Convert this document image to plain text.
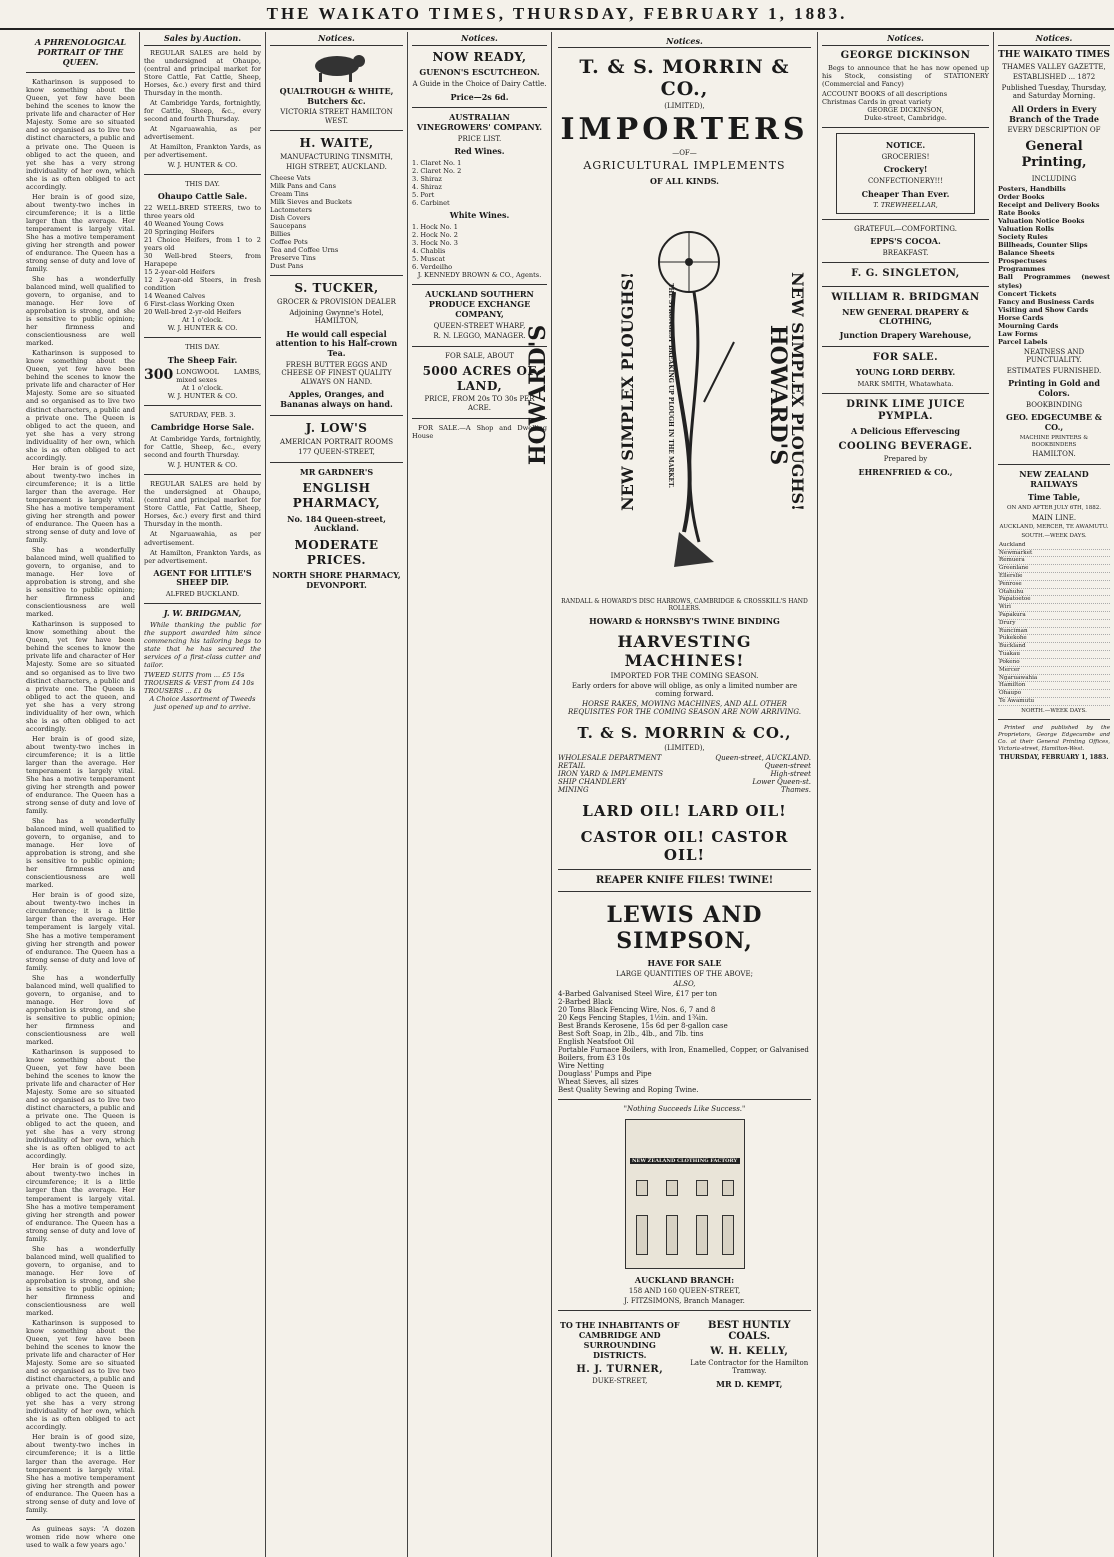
THE WAIKATO TIMES, THURSDAY, FEBRUARY 1, 1883.
A PHRENOLOGICAL PORTRAIT OF THE QUEEN.

Katharinson is supposed to know something about the Queen, yet few have been behind the scenes to know the private life and character of Her Majesty. Some are so situated and so organised as to live two distinct characters, a public and a private one. The Queen is obliged to act the queen, and yet she has a very strong individuality of her own, which she is as often obliged to act accordingly.

Her brain is of good size, about twenty-two inches in circumference; it is a little larger than the average. Her temperament is largely vital. She has a motive temperament giving her strength and power of endurance. The Queen has a strong sense of duty and love of family.

She has a wonderfully balanced mind, well qualified to govern, to organise, and to manage. Her love of approbation is strong, and she is sensitive to public opinion; her firmness and conscientiousness are well marked.

Katharinson is supposed to know something about the Queen, yet few have been behind the scenes to know the private life and character of Her Majesty. Some are so situated and so organised as to live two distinct characters, a public and a private one. The Queen is obliged to act the queen, and yet she has a very strong individuality of her own, which she is as often obliged to act accordingly.

Her brain is of good size, about twenty-two inches in circumference; it is a little larger than the average. Her temperament is largely vital. She has a motive temperament giving her strength and power of endurance. The Queen has a strong sense of duty and love of family.

She has a wonderfully balanced mind, well qualified to govern, to organise, and to manage. Her love of approbation is strong, and she is sensitive to public opinion; her firmness and conscientiousness are well marked.

Katharinson is supposed to know something about the Queen, yet few have been behind the scenes to know the private life and character of Her Majesty. Some are so situated and so organised as to live two distinct characters, a public and a private one. The Queen is obliged to act the queen, and yet she has a very strong individuality of her own, which she is as often obliged to act accordingly.

Her brain is of good size, about twenty-two inches in circumference; it is a little larger than the average. Her temperament is largely vital. She has a motive temperament giving her strength and power of endurance. The Queen has a strong sense of duty and love of family.

She has a wonderfully balanced mind, well qualified to govern, to organise, and to manage. Her love of approbation is strong, and she is sensitive to public opinion; her firmness and conscientiousness are well marked.

Her brain is of good size, about twenty-two inches in circumference; it is a little larger than the average. Her temperament is largely vital. She has a motive temperament giving her strength and power of endurance. The Queen has a strong sense of duty and love of family.

She has a wonderfully balanced mind, well qualified to govern, to organise, and to manage. Her love of approbation is strong, and she is sensitive to public opinion; her firmness and conscientiousness are well marked.

Katharinson is supposed to know something about the Queen, yet few have been behind the scenes to know the private life and character of Her Majesty. Some are so situated and so organised as to live two distinct characters, a public and a private one. The Queen is obliged to act the queen, and yet she has a very strong individuality of her own, which she is as often obliged to act accordingly.

Her brain is of good size, about twenty-two inches in circumference; it is a little larger than the average. Her temperament is largely vital. She has a motive temperament giving her strength and power of endurance. The Queen has a strong sense of duty and love of family.

She has a wonderfully balanced mind, well qualified to govern, to organise, and to manage. Her love of approbation is strong, and she is sensitive to public opinion; her firmness and conscientiousness are well marked.

Katharinson is supposed to know something about the Queen, yet few have been behind the scenes to know the private life and character of Her Majesty. Some are so situated and so organised as to live two distinct characters, a public and a private one. The Queen is obliged to act the queen, and yet she has a very strong individuality of her own, which she is as often obliged to act accordingly.

Her brain is of good size, about twenty-two inches in circumference; it is a little larger than the average. Her temperament is largely vital. She has a motive temperament giving her strength and power of endurance. The Queen has a strong sense of duty and love of family.

As guineas says: 'A dozen women ride now where one used to walk a few years ago.'

Sales by Auction.

REGULAR SALES are held by the undersigned at Ohaupo, (central and principal market for Store Cattle, Fat Cattle, Sheep, Horses, &c.) every first and third Thursday in the month.

At Cambridge Yards, fortnightly, for Cattle, Sheep, &c., every second and fourth Thursday.

At Ngaruawahia, as per advertisement.

At Hamilton, Frankton Yards, as per advertisement.

W. J. HUNTER & CO.
THIS DAY.
Ohaupo Cattle Sale.
22 WELL-BRED STEERS, two to three years old
40 Weaned Young Cows
20 Springing Heifers
21 Choice Heifers, from 1 to 2 years old
30 Well-bred Steers, from Harapepe
15 2-year-old Heifers
12 2-year-old Steers, in fresh condition
14 Weaned Calves
6 First-class Working Oxen
20 Well-bred 2-yr-old Heifers
At 1 o'clock.
W. J. HUNTER & CO.
THIS DAY.
The Sheep Fair.
300 LONGWOOL LAMBS, mixed sexes
At 1 o'clock.
W. J. HUNTER & CO.
SATURDAY, FEB. 3.
Cambridge Horse Sale.

At Cambridge Yards, fortnightly, for Cattle, Sheep, &c., every second and fourth Thursday.

W. J. HUNTER & CO.

REGULAR SALES are held by the undersigned at Ohaupo, (central and principal market for Store Cattle, Fat Cattle, Sheep, Horses, &c.) every first and third Thursday in the month.

At Ngaruawahia, as per advertisement.

At Hamilton, Frankton Yards, as per advertisement.

AGENT FOR LITTLE'S SHEEP DIP.
ALFRED BUCKLAND.
J. W. BRIDGMAN,

While thanking the public for the support awarded him since commencing his tailoring begs to state that he has secured the services of a first-class cutter and tailor.

TWEED SUITS from ... £5 15s
TROUSERS & VEST from £4 10s
TROUSERS ... £1 0s
A Choice Assortment of Tweeds just opened up and to arrive.
Notices.
QUALTROUGH & WHITE, Butchers &c.
VICTORIA STREET HAMILTON WEST.
H. WAITE,
MANUFACTURING TINSMITH,
HIGH STREET, AUCKLAND.
Cheese Vats
Milk Pans and Cans
Cream Tins
Milk Sieves and Buckets
Lactometers
Dish Covers
Saucepans
Billies
Coffee Pots
Tea and Coffee Urns
Preserve Tins
Dust Pans
S. TUCKER,
GROCER & PROVISION DEALER
Adjoining Gwynne's Hotel, HAMILTON,
He would call especial attention to his Half-crown Tea.
FRESH BUTTER EGGS AND CHEESE OF FINEST QUALITY ALWAYS ON HAND.
Apples, Oranges, and Bananas always on hand.
J. LOW'S
AMERICAN PORTRAIT ROOMS
177 QUEEN-STREET,
MR GARDNER'S
ENGLISH PHARMACY,
No. 184 Queen-street, Auckland.
MODERATE PRICES.
NORTH SHORE PHARMACY, DEVONPORT.
Notices.
NOW READY,
GUENON'S ESCUTCHEON.
A Guide in the Choice of Dairy Cattle.
Price—2s 6d.
AUSTRALIAN VINEGROWERS' COMPANY.
PRICE LIST.
Red Wines.
1. Claret No. 1
2. Claret No. 2
3. Shiraz
4. Shiraz
5. Port
6. Carbinet
White Wines.
1. Hock No. 1
2. Hock No. 2
3. Hock No. 3
4. Chablis
5. Muscat
6. Verdeilho
J. KENNEDY BROWN & CO., Agents.
AUCKLAND SOUTHERN PRODUCE EXCHANGE COMPANY,
QUEEN-STREET WHARF,
R. N. LEGGO, MANAGER.
FOR SALE, ABOUT
5000 ACRES OF LAND,
PRICE, FROM 20s TO 30s PER ACRE.

FOR SALE.—A Shop and Dwelling House

Notices.
T. & S. MORRIN & CO.,
(LIMITED),
IMPORTERS
—OF—
AGRICULTURAL IMPLEMENTS
OF ALL KINDS.
HOWARD'S	NEW SIMPLEX PLOUGHS!	THE STRONGEST BREAKING UP PLOUGH IN THE MARKET.	HOWARD'S
NEW SIMPLEX PLOUGHS!
RANDALL & HOWARD'S DISC HARROWS, CAMBRIDGE & CROSSKILL'S HAND ROLLERS.
HOWARD & HORNSBY'S TWINE BINDING
HARVESTING MACHINES!
IMPORTED FOR THE COMING SEASON.
Early orders for above will oblige, as only a limited number are coming forward.
HORSE RAKES, MOWING MACHINES, AND ALL OTHER REQUISITES FOR THE COMING SEASON ARE NOW ARRIVING.
T. & S. MORRIN & CO.,
(LIMITED),
WHOLESALE DEPARTMENT	Queen-street, AUCKLAND.
RETAIL	Queen-street
IRON YARD & IMPLEMENTS	High-street
SHIP CHANDLERY	Lower Queen-st.
MINING	Thames.
LARD OIL! LARD OIL!
CASTOR OIL! CASTOR OIL!
REAPER KNIFE FILES! TWINE!
LEWIS AND SIMPSON,
HAVE FOR SALE
LARGE QUANTITIES OF THE ABOVE;
ALSO,
4-Barbed Galvanised Steel Wire, £17 per ton
2-Barbed Black
20 Tons Black Fencing Wire, Nos. 6, 7 and 8
20 Kegs Fencing Staples, 1½in. and 1¾in.
Best Brands Kerosene, 15s 6d per 8-gallon case
Best Soft Soap, in 2lb., 4lb., and 7lb. tins
English Neatsfoot Oil
Portable Furnace Boilers, with Iron, Enamelled, Copper, or Galvanised Boilers, from £3 10s
Wire Netting
Douglass' Pumps and Pipe
Wheat Sieves, all sizes
Best Quality Sewing and Roping Twine.
"Nothing Succeeds Like Success."
NEW ZEALAND CLOTHING FACTORY
AUCKLAND BRANCH:
158 AND 160 QUEEN-STREET,
J. FITZSIMONS, Branch Manager.
TO THE INHABITANTS OF CAMBRIDGE AND SURROUNDING DISTRICTS.
H. J. TURNER,
DUKE-STREET,
BEST HUNTLY COALS.
W. H. KELLY,
Late Contractor for the Hamilton Tramway.
MR D. KEMPT,
Notices.
GEORGE DICKINSON

Begs to announce that he has now opened up his Stock, consisting of STATIONERY (Commercial and Fancy)

ACCOUNT BOOKS of all descriptions
Christmas Cards in great variety
GEORGE DICKINSON,
Duke-street, Cambridge.
NOTICE.
GROCERIES!
Crockery!
CONFECTIONERY!!!
Cheaper Than Ever.
T. TREWHEELLAR,
GRATEFUL—COMFORTING.
EPPS'S COCOA.
BREAKFAST.
F. G. SINGLETON,
WILLIAM R. BRIDGMAN
NEW GENERAL DRAPERY & CLOTHING,
Junction Drapery Warehouse,
FOR SALE.
YOUNG LORD DERBY.
MARK SMITH, Whatawhata.
DRINK LIME JUICE PYMPLA.
A Delicious Effervescing
COOLING BEVERAGE.
Prepared by
EHRENFRIED & CO.,
Notices.
THE WAIKATO TIMES
THAMES VALLEY GAZETTE,
ESTABLISHED ... 1872
Published Tuesday, Thursday, and Saturday Morning.
All Orders in Every Branch of the Trade
EVERY DESCRIPTION OF
General Printing,
INCLUDING
Posters, Handbills
Order Books
Receipt and Delivery Books
Rate Books
Valuation Notice Books
Valuation Rolls
Society Rules
Billheads, Counter Slips
Balance Sheets
Prospectuses
Programmes
Ball Programmes (newest styles)
Concert Tickets
Fancy and Business Cards
Visiting and Show Cards
Horse Cards
Mourning Cards
Law Forms
Parcel Labels
NEATNESS AND PUNCTUALITY.
ESTIMATES FURNISHED.
Printing in Gold and Colors.
BOOKBINDING
GEO. EDGECUMBE & CO.,
MACHINE PRINTERS & BOOKBINDERS
HAMILTON.
NEW ZEALAND RAILWAYS
Time Table,
ON AND AFTER JULY 6TH, 1882.
MAIN LINE.
AUCKLAND, MERCER, TE AWAMUTU.
SOUTH.—WEEK DAYS.
Auckland
Newmarket
Remuera
Greenlane
Ellerslie
Penrose
Otahuhu
Papatoetoe
Wiri
Papakura
Drury
Runciman
Pukekohe
Buckland
Tuakau
Pokeno
Mercer
Ngaruawahia
Hamilton
Ohaupo
Te Awamutu
NORTH.—WEEK DAYS.

Printed and published by the Proprietors, George Edgecumbe and Co. at their General Printing Offices, Victoria-street, Hamilton-West.

THURSDAY, FEBRUARY 1, 1883.
